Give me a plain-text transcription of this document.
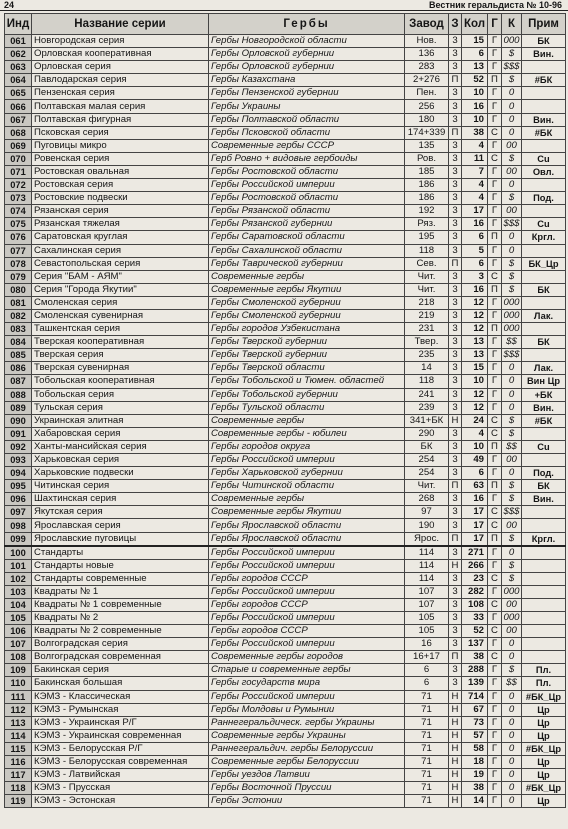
24	Вестник геральдиста № 10-96
Инд	Название серии	Гербы	Завод	З	Кол	Г	К	Прим
061	Новгородская серия	Гербы Новгородской области	Нов.	3	15	Г	000	БК
062	Орловская кооперативная	Гербы Орловской губернии	136	3	6	Г	$	Вин.
063	Орловская серия	Гербы Орловской губернии	283	3	13	Г	$$$	
064	Павлодарская серия	Гербы Казахстана	2+276	П	52	П	$	#БК
065	Пензенская серия	Гербы Пензенской губернии	Пен.	3	10	Г	0	
066	Полтавская малая серия	Гербы Украины	256	3	16	Г	0	
067	Полтавская фигурная	Гербы Полтавской области	180	3	10	Г	0	Вин.
068	Псковская серия	Гербы Псковской области	174+339	П	38	С	0	#БК
069	Пуговицы микро	Современные гербы СССР	135	3	4	Г	00	
070	Ровенская серия	Герб Ровно + видовые гербоиды	Ров.	3	11	С	$	Cu
071	Ростовская овальная	Гербы Ростовской области	185	3	7	Г	00	Овл.
072	Ростовская серия	Гербы Российской империи	186	3	4	Г	0	
073	Ростовские подвески	Гербы Ростовской области	186	3	4	Г	$	Под.
074	Рязанская серия	Гербы Рязанской области	192	3	17	Г	00	
075	Рязанская тяжелая	Гербы Рязанской губернии	Ряз.	3	16	Г	$$$	Cu
076	Саратовская круглая	Гербы Саратовской области	195	3	6	П	0	Кргл.
077	Сахалинская серия	Гербы Сахалинской области	118	3	5	Г	0	
078	Севастопольская серия	Гербы Таврической губернии	Сев.	П	6	Г	$	БК_Цр
079	Серия "БАМ - АЯМ"	Современные гербы	Чит.	3	3	С	$	
080	Серия "Города Якутии"	Современные гербы Якутии	Чит.	3	16	П	$	БК
081	Смоленская серия	Гербы Смоленской губернии	218	3	12	Г	000	
082	Смоленская сувенирная	Гербы Смоленской губернии	219	3	12	Г	000	Лак.
083	Ташкентская серия	Гербы городов Узбекистана	231	3	12	П	000	
084	Тверская кооперативная	Гербы Тверской губернии	Твер.	3	13	Г	$$	БК
085	Тверская серия	Гербы Тверской губернии	235	3	13	Г	$$$	
086	Тверская сувенирная	Гербы Тверской области	14	3	15	Г	0	Лак.
087	Тобольская кооперативная	Гербы Тобольской и Тюмен. областей	118	3	10	Г	0	Вин Цр
088	Тобольская серия	Гербы Тобольской губернии	241	3	12	Г	0	+БК
089	Тульская серия	Гербы Тульской области	239	3	12	Г	0	Вин.
090	Украинская элитная	Современные гербы	341+БК	Н	24	С	$	#БК
091	Хабаровская серия	Современные гербы - юбилеи	290	3	4	С	$	
092	Ханты-мансийская серия	Гербы городов округа	БК	3	10	П	$$	Cu
093	Харьковская серия	Гербы Российской империи	254	3	49	Г	00	
094	Харьковские подвески	Гербы Харьковской губернии	254	3	6	Г	0	Под.
095	Читинская серия	Гербы Читинской области	Чит.	П	63	П	$	БК
096	Шахтинская серия	Современные гербы	268	3	16	Г	$	Вин.
097	Якутская серия	Современные гербы Якутии	97	3	17	С	$$$	
098	Ярославская серия	Гербы Ярославской области	190	3	17	С	00	
099	Ярославские пуговицы	Гербы Ярославской области	Ярос.	П	17	П	$	Кргл.
100	Стандарты	Гербы Российской империи	114	3	271	Г	0	
101	Стандарты новые	Гербы Российской империи	114	Н	266	Г	$	
102	Стандарты современные	Гербы городов СССР	114	3	23	С	$	
103	Квадраты № 1	Гербы Российской империи	107	3	282	Г	000	
104	Квадраты № 1 современные	Гербы городов СССР	107	3	108	С	00	
105	Квадраты № 2	Гербы Российской империи	105	3	33	Г	000	
106	Квадраты № 2 современные	Гербы городов СССР	105	3	52	С	00	
107	Волгоградская серия	Гербы Российской империи	16	3	137	Г	0	
108	Волгоградская современная	Современные гербы городов	16+17	П	38	С	0	
109	Бакинская серия	Старые и современные гербы	6	3	288	Г	$	Пл.
110	Бакинская большая	Гербы государств мира	6	3	139	Г	$$	Пл.
111	КЭМЗ - Классическая	Гербы Российской империи	71	Н	714	Г	0	#БК_Цр
112	КЭМЗ - Румынская	Гербы Молдовы и Румынии	71	Н	67	Г	0	Цр
113	КЭМЗ - Украинская Р/Г	Раннегеральдическ. гербы Украины	71	Н	73	Г	0	Цр
114	КЭМЗ - Украинская современная	Современные гербы Украины	71	Н	57	Г	0	Цр
115	КЭМЗ - Белорусская Р/Г	Раннегеральдич. гербы Белоруссии	71	Н	58	Г	0	#БК_Цр
116	КЭМЗ - Белорусская современная	Современные гербы Белоруссии	71	Н	18	Г	0	Цр
117	КЭМЗ - Латвийская	Гербы уездов Латвии	71	Н	19	Г	0	Цр
118	КЭМЗ - Прусская	Гербы Восточной Пруссии	71	Н	38	Г	0	#БК_Цр
119	КЭМЗ - Эстонская	Гербы Эстонии	71	Н	14	Г	0	Цр
